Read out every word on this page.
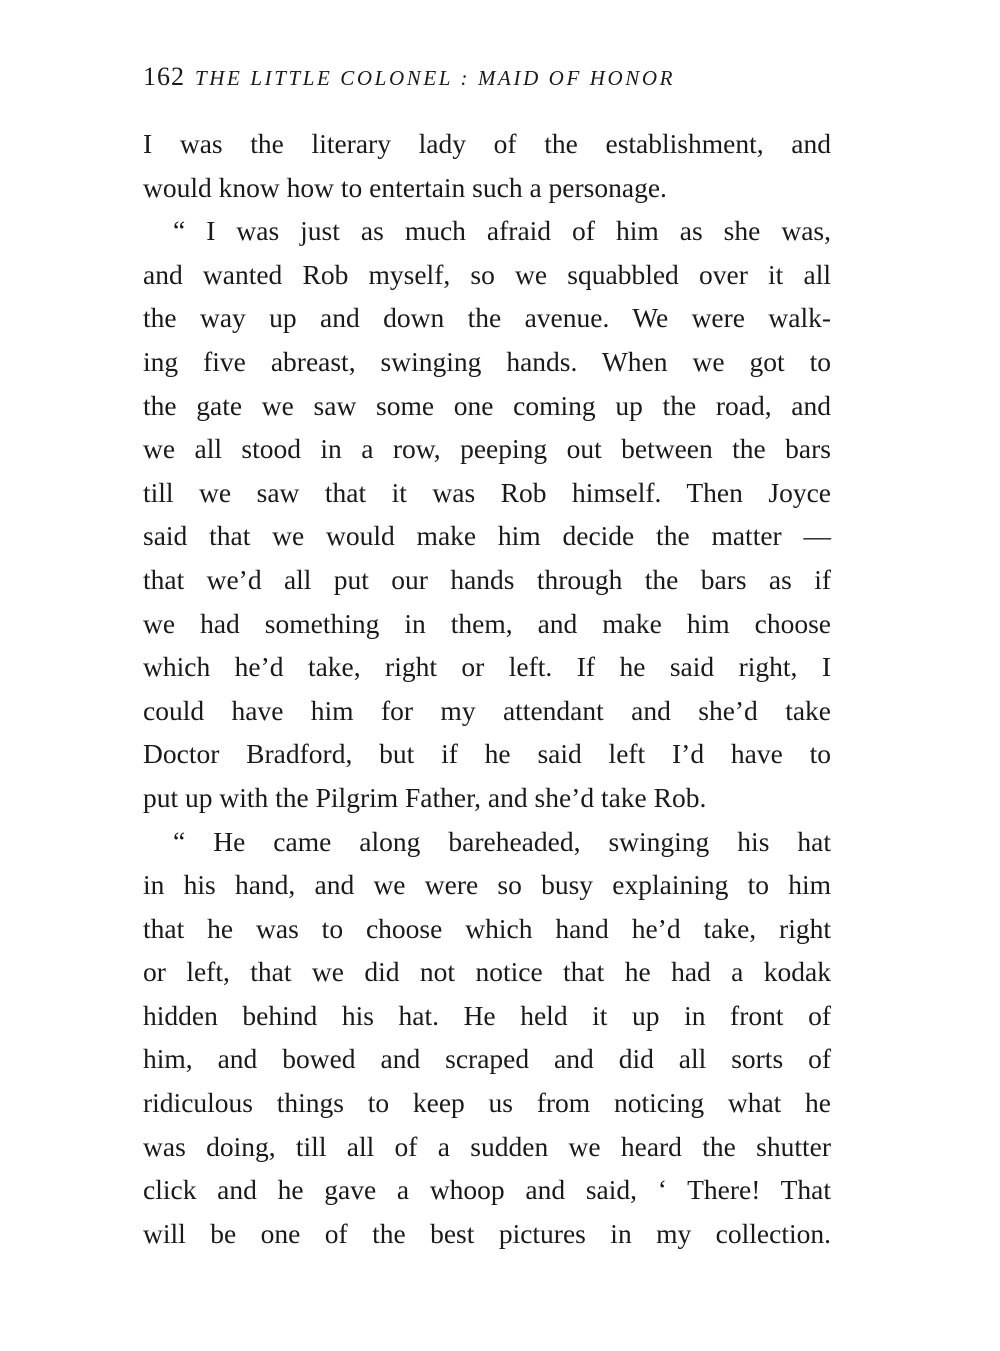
162 THE LITTLE COLONEL : MAID OF HONOR
I was the literary lady of the establishment, and
would know how to entertain such a personage.
“ I was just as much afraid of him as she was,
and wanted Rob myself, so we squabbled over it all
the way up and down the avenue. We were walk-
ing five abreast, swinging hands. When we got to
the gate we saw some one coming up the road, and
we all stood in a row, peeping out between the bars
till we saw that it was Rob himself. Then Joyce
said that we would make him decide the matter —
that we’d all put our hands through the bars as if
we had something in them, and make him choose
which he’d take, right or left. If he said right, I
could have him for my attendant and she’d take
Doctor Bradford, but if he said left I’d have to
put up with the Pilgrim Father, and she’d take Rob.
“ He came along bareheaded, swinging his hat
in his hand, and we were so busy explaining to him
that he was to choose which hand he’d take, right
or left, that we did not notice that he had a kodak
hidden behind his hat. He held it up in front of
him, and bowed and scraped and did all sorts of
ridiculous things to keep us from noticing what he
was doing, till all of a sudden we heard the shutter
click and he gave a whoop and said, ‘ There! That
will be one of the best pictures in my collection.
